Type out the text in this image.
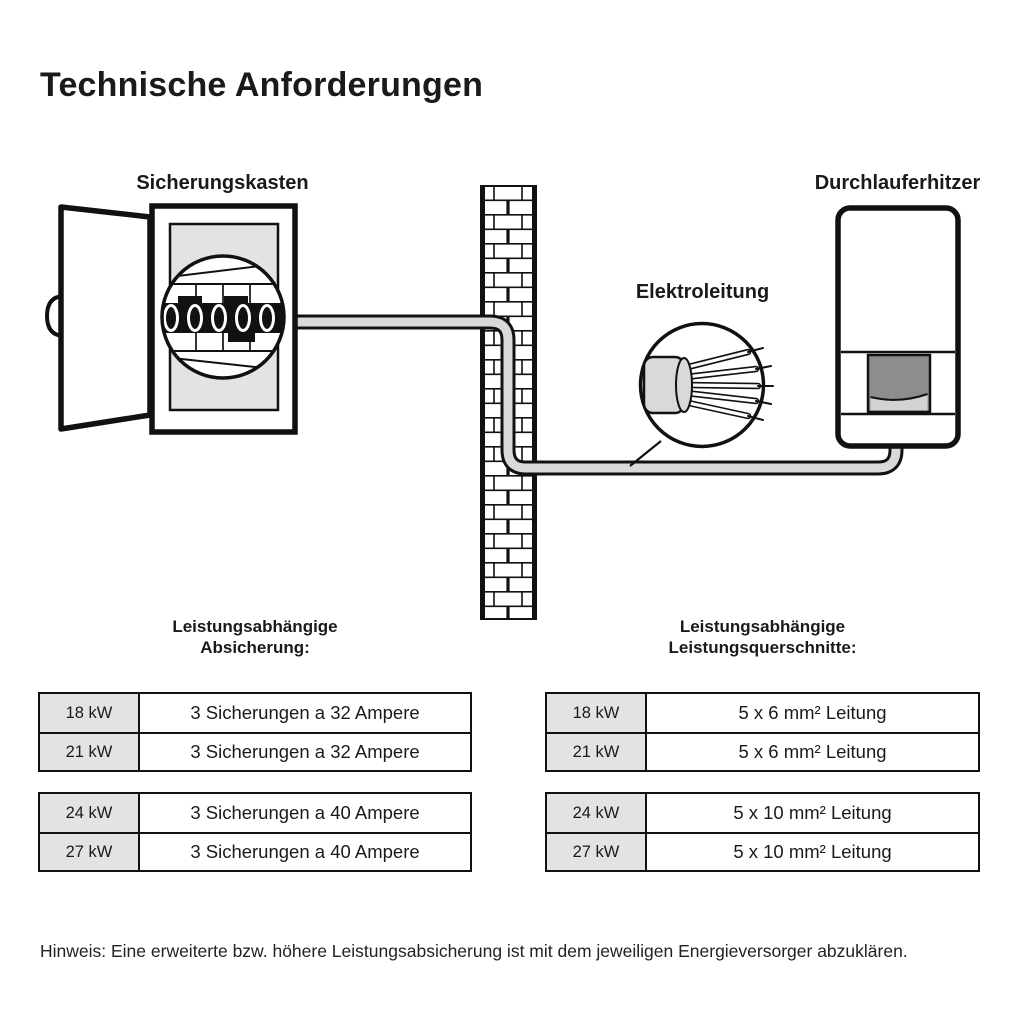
Technische Anforderungen
Sicherungskasten
Elektroleitung
Durchlauferhitzer
Leistungsabhängige
Absicherung:
Leistungsabhängige
Leistungsquerschnitte:
18 kW	3 Sicherungen a 32 Ampere
21 kW	3 Sicherungen a 32 Ampere
24 kW	3 Sicherungen a 40 Ampere
27 kW	3 Sicherungen a 40 Ampere
18 kW	5 x 6 mm² Leitung
21 kW	5 x 6 mm² Leitung
24 kW	5 x 10 mm² Leitung
27 kW	5 x 10 mm² Leitung
Hinweis: Eine erweiterte bzw. höhere Leistungsabsicherung ist mit dem jeweiligen Energieversorger abzuklären.
